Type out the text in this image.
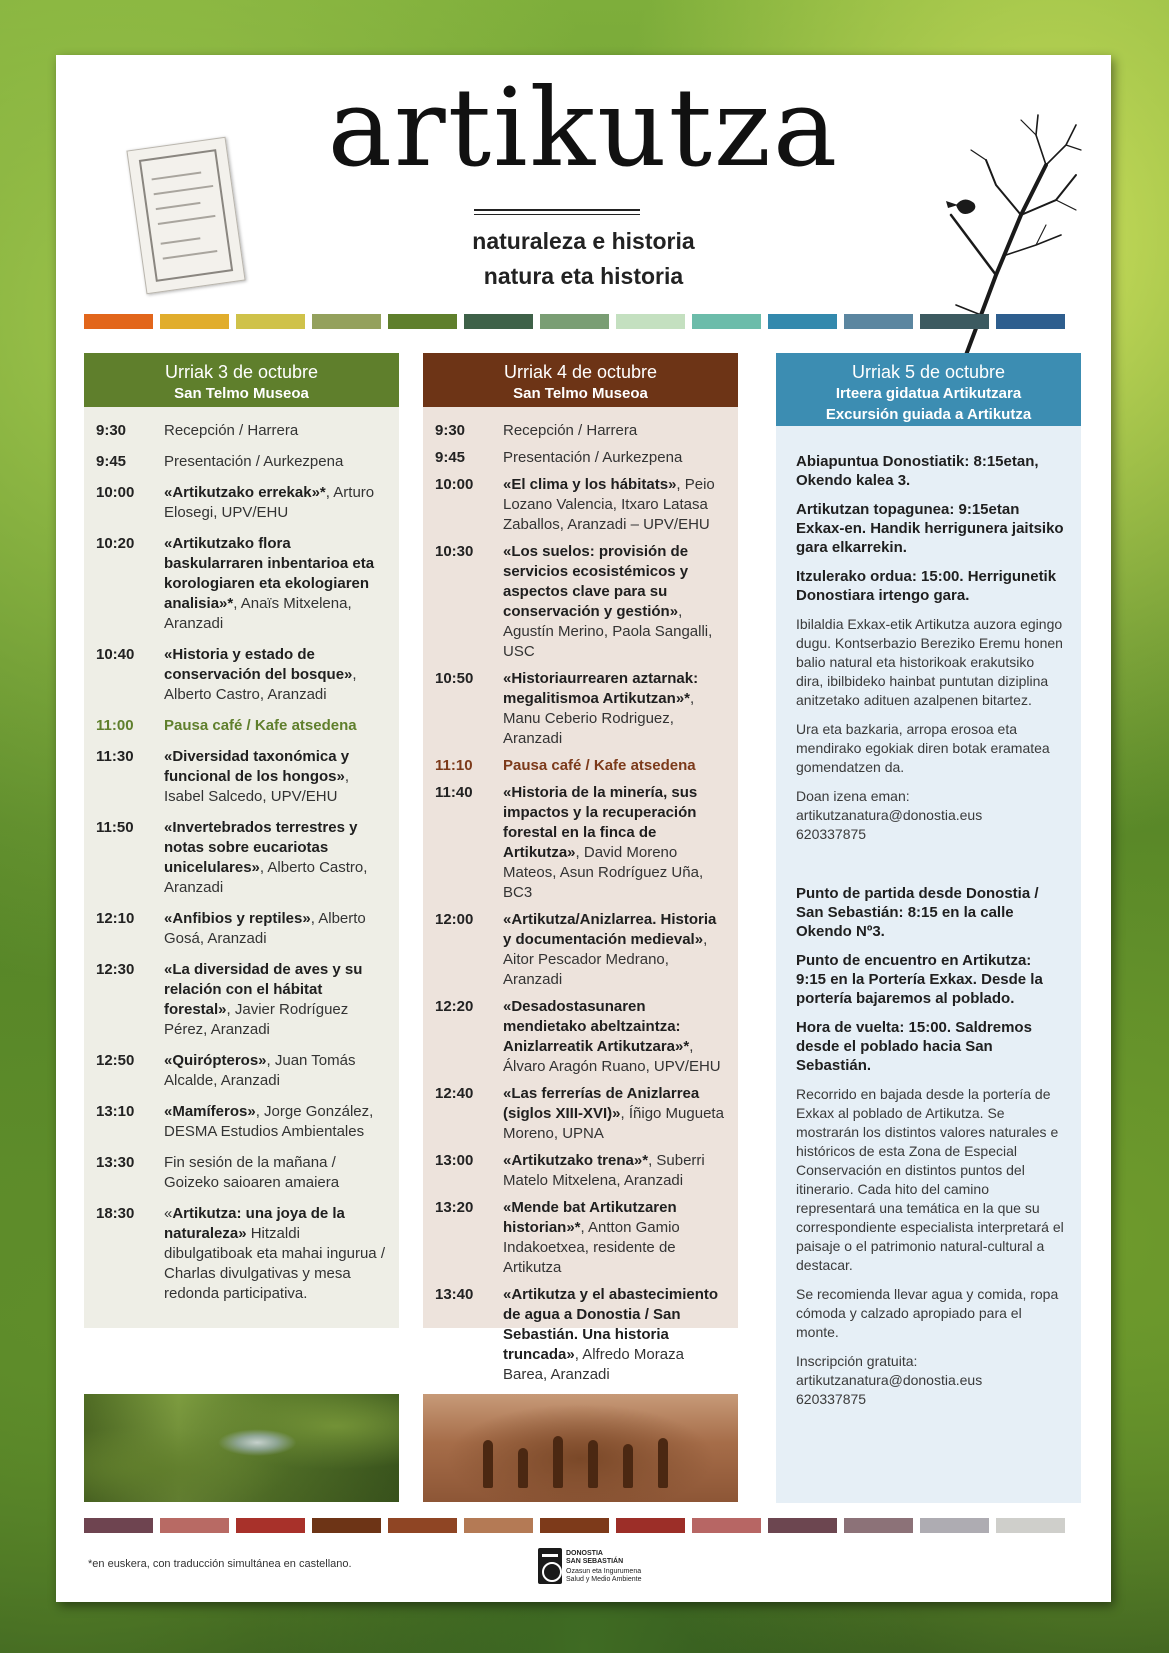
artikutza
naturaleza e historia
natura eta historia
Urriak 3 de octubre
San Telmo Museoa
9:30	Recepción / Harrera
9:45	Presentación / Aurkezpena
10:00	«Artikutzako errekak»*, Arturo Elosegi, UPV/EHU
10:20	«Artikutzako flora baskularraren inbentarioa eta korologiaren eta ekologiaren analisia»*, Anaïs Mitxelena, Aranzadi
10:40	«Historia y estado de conservación del bosque», Alberto Castro, Aranzadi
11:00	Pausa café / Kafe atsedena
11:30	«Diversidad taxonómica y funcional de los hongos», Isabel Salcedo, UPV/EHU
11:50	«Invertebrados terrestres y notas sobre eucariotas unicelulares», Alberto Castro, Aranzadi
12:10	«Anfibios y reptiles», Alberto Gosá, Aranzadi
12:30	«La diversidad de aves y su relación con el hábitat forestal», Javier Rodríguez Pérez, Aranzadi
12:50	«Quirópteros», Juan Tomás Alcalde, Aranzadi
13:10	«Mamíferos», Jorge González, DESMA Estudios Ambientales
13:30	Fin sesión de la mañana / Goizeko saioaren amaiera
18:30	«Artikutza: una joya de la naturaleza» Hitzaldi dibulgatiboak eta mahai ingurua / Charlas divulgativas y mesa redonda participativa.
Urriak 4 de octubre
San Telmo Museoa
9:30	Recepción / Harrera
9:45	Presentación / Aurkezpena
10:00	«El clima y los hábitats», Peio Lozano Valencia, Itxaro Latasa Zaballos, Aranzadi – UPV/EHU
10:30	«Los suelos: provisión de servicios ecosistémicos y aspectos clave para su conservación y gestión», Agustín Merino, Paola Sangalli, USC
10:50	«Historiaurrearen aztarnak: megalitismoa Artikutzan»*, Manu Ceberio Rodriguez, Aranzadi
11:10	Pausa café / Kafe atsedena
11:40	«Historia de la minería, sus impactos y la recuperación forestal en la finca de Artikutza», David Moreno Mateos, Asun Rodríguez Uña, BC3
12:00	«Artikutza/Anizlarrea. Historia y documentación medieval», Aitor Pescador Medrano, Aranzadi
12:20	«Desadostasunaren mendietako abeltzaintza: Anizlarreatik Artikutzara»*, Álvaro Aragón Ruano, UPV/EHU
12:40	«Las ferrerías de Anizlarrea (siglos XIII-XVI)», Íñigo Mugueta Moreno, UPNA
13:00	«Artikutzako trena»*, Suberri Matelo Mitxelena, Aranzadi
13:20	«Mende bat Artikutzaren historian»*, Antton Gamio Indakoetxea, residente de Artikutza
13:40	«Artikutza y el abastecimiento de agua a Donostia / San Sebastián. Una historia truncada», Alfredo Moraza Barea, Aranzadi
Urriak 5 de octubre
Irteera gidatua Artikutzara
Excursión guiada a Artikutza

Abiapuntua Donostiatik: 8:15etan, Okendo kalea 3.

Artikutzan topagunea: 9:15etan Exkax-en. Handik herrigunera jaitsiko gara elkarrekin.

Itzulerako ordua: 15:00. Herrigunetik Donostiara irtengo gara.

Ibilaldia Exkax-etik Artikutza auzora egingo dugu. Kontserbazio Bereziko Eremu honen balio natural eta historikoak erakutsiko dira, ibilbideko hainbat puntutan diziplina anitzetako adituen azalpenen bitartez.

Ura eta bazkaria, arropa erosoa eta mendirako egokiak diren botak eramatea gomendatzen da.

Doan izena eman:
artikutzanatura@donostia.eus
620337875

Punto de partida desde Donostia / San Sebastián: 8:15 en la calle Okendo Nº3.

Punto de encuentro en Artikutza: 9:15 en la Portería Exkax. Desde la portería bajaremos al poblado.

Hora de vuelta: 15:00. Saldremos desde el poblado hacia San Sebastián.

Recorrido en bajada desde la portería de Exkax al poblado de Artikutza. Se mostrarán los distintos valores naturales e históricos de esta Zona de Especial Conservación en distintos puntos del itinerario. Cada hito del camino representará una temática en la que su correspondiente especialista interpretará el paisaje o el patrimonio natural-cultural a destacar.

Se recomienda llevar agua y comida, ropa cómoda y calzado apropiado para el monte.

Inscripción gratuita:
artikutzanatura@donostia.eus
620337875

*en euskera, con traducción simultánea en castellano.
DONOSTIA
SAN SEBASTIÁN
Ozasun eta Ingurumena
Salud y Medio Ambiente
